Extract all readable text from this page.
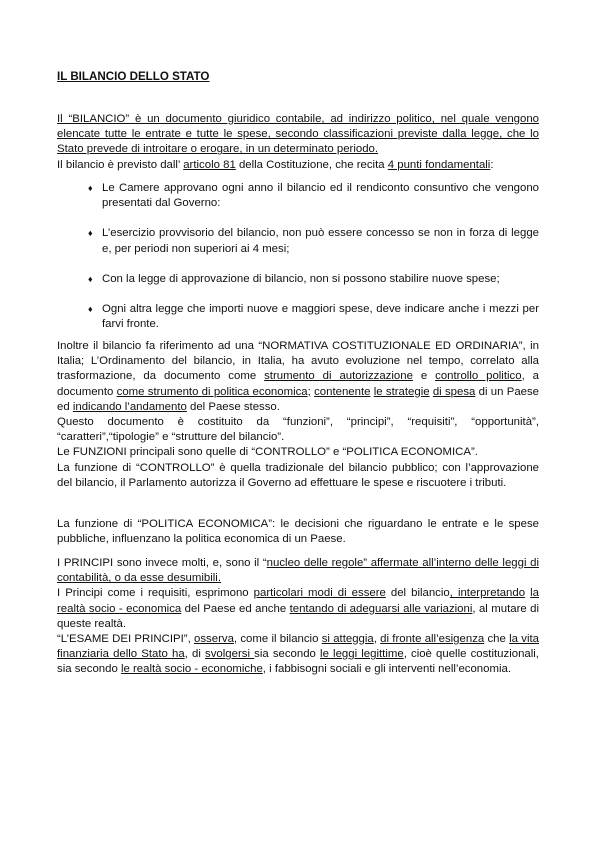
IL BILANCIO DELLO STATO

Il “BILANCIO” è un documento giuridico contabile, ad indirizzo politico, nel quale vengono elencate tutte le entrate e tutte le spese, secondo classificazioni previste dalla legge, che lo Stato prevede di introitare o erogare, in un determinato periodo.
Il bilancio è previsto dall’ articolo 81 della Costituzione, che recita 4 punti fondamentali:

♦ Le Camere approvano ogni anno il bilancio ed il rendiconto consuntivo che vengono presentati dal Governo:
♦ L’esercizio provvisorio del bilancio, non può essere concesso se non in forza di legge e, per periodi non superiori ai 4 mesi;
♦ Con la legge di approvazione di bilancio, non si possono stabilire nuove spese;
♦ Ogni altra legge che importi nuove e maggiori spese, deve indicare anche i mezzi per farvi fronte.

Inoltre il bilancio fa riferimento ad una “NORMATIVA COSTITUZIONALE ED ORDINARIA”, in Italia; L’Ordinamento del bilancio, in Italia, ha avuto evoluzione nel tempo, correlato alla trasformazione, da documento come strumento di autorizzazione e controllo politico, a documento come strumento di politica economica; contenente le strategie di spesa di un Paese ed indicando l’andamento del Paese stesso.
Questo documento è costituito da “funzioni”, “principi”, “requisiti”, “opportunità”, “caratteri”,“tipologie” e “strutture del bilancio”.
Le FUNZIONI principali sono quelle di “CONTROLLO” e “POLITICA ECONOMICA”.

La funzione di “CONTROLLO” è quella tradizionale del bilancio pubblico; con l’approvazione del bilancio, il Parlamento autorizza il Governo ad effettuare le spese e riscuotere i tributi.

La funzione di “POLITICA ECONOMICA”: le decisioni che riguardano le entrate e le spese pubbliche, influenzano la politica economica di un Paese.

I PRINCIPI sono invece molti, e, sono il “nucleo delle regole” affermate all’interno delle leggi di contabilità, o da esse desumibili.
I Principi come i requisiti, esprimono particolari modi di essere del bilancio, interpretando la realtà socio - economica del Paese ed anche tentando di adeguarsi alle variazioni, al mutare di queste realtà.
“L’ESAME DEI PRINCIPI”, osserva, come il bilancio si atteggia, di fronte all’esigenza che la vita finanziaria dello Stato ha, di svolgersi sia secondo le leggi legittime, cioè quelle costituzionali, sia secondo le realtà socio - economiche, i fabbisogni sociali e gli interventi nell’economia.
